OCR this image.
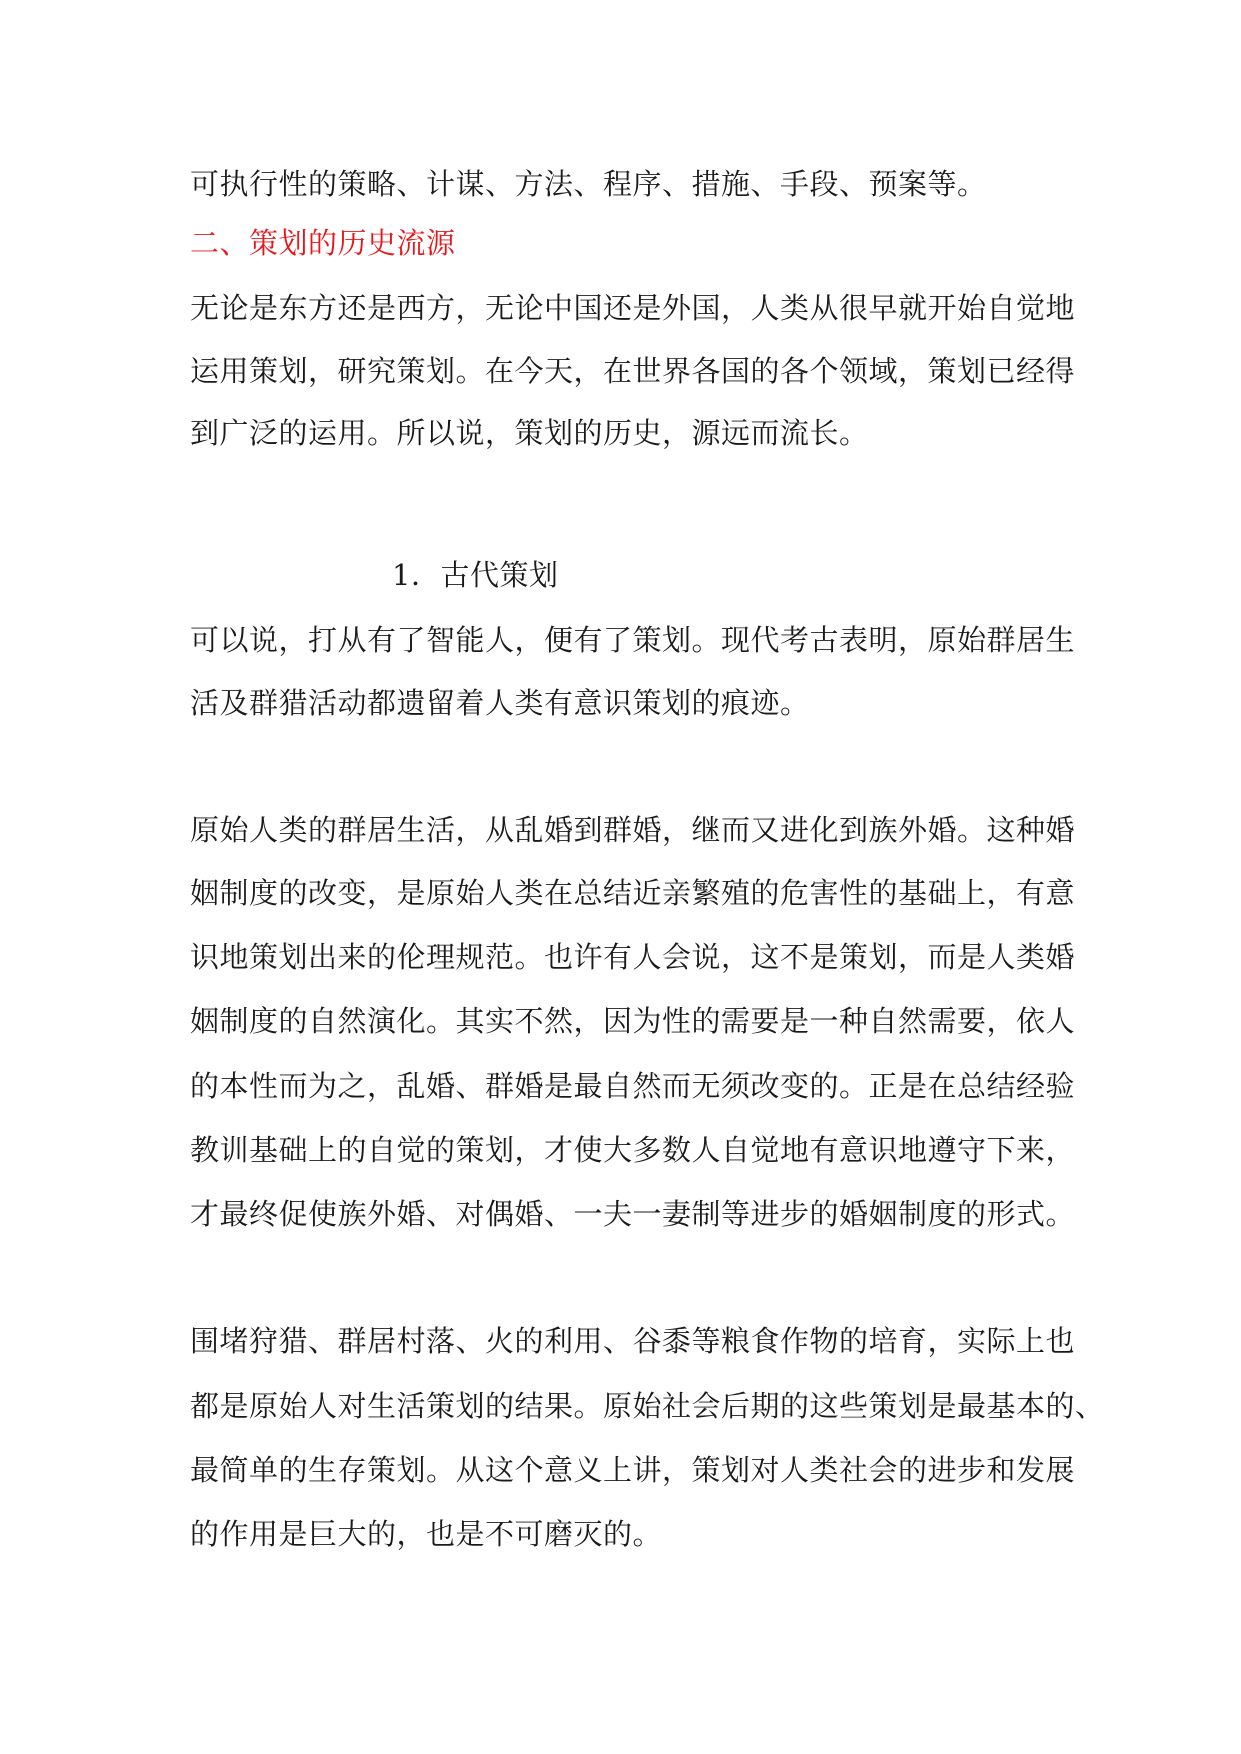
可执行性的策略、计谋、方法、程序、措施、手段、预案等。
二、策划的历史流源
无论是东方还是西方，无论中国还是外国，人类从很早就开始自觉地
运用策划，研究策划。在今天，在世界各国的各个领域，策划已经得
到广泛的运用。所以说，策划的历史，源远而流长。
1．古代策划
可以说，打从有了智能人，便有了策划。现代考古表明，原始群居生
活及群猎活动都遗留着人类有意识策划的痕迹。
原始人类的群居生活，从乱婚到群婚，继而又进化到族外婚。这种婚
姻制度的改变，是原始人类在总结近亲繁殖的危害性的基础上，有意
识地策划出来的伦理规范。也许有人会说，这不是策划，而是人类婚
姻制度的自然演化。其实不然，因为性的需要是一种自然需要，依人
的本性而为之，乱婚、群婚是最自然而无须改变的。正是在总结经验
教训基础上的自觉的策划，才使大多数人自觉地有意识地遵守下来，
才最终促使族外婚、对偶婚、一夫一妻制等进步的婚姻制度的形式。
围堵狩猎、群居村落、火的利用、谷黍等粮食作物的培育，实际上也
都是原始人对生活策划的结果。原始社会后期的这些策划是最基本的、
最简单的生存策划。从这个意义上讲，策划对人类社会的进步和发展
的作用是巨大的，也是不可磨灭的。
